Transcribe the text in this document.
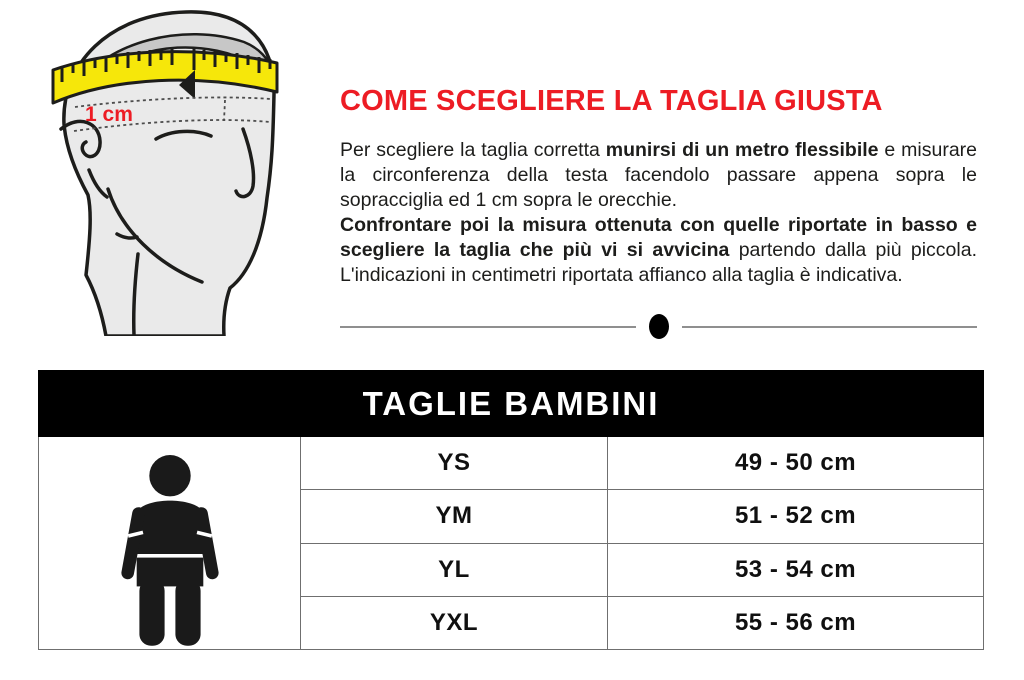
1 cm	COME SCEGLIERE LA TAGLIA GIUSTA

Per scegliere la taglia corretta munirsi di un metro flessibile e misurare la circonferenza della testa facendolo passare appena sopra le sopracciglia ed 1 cm sopra le orecchie.

Confrontare poi la misura ottenuta con quelle riportate in basso e scegliere la taglia che più vi si avvicina partendo dalla più piccola. L'indicazioni in centimetri riportata affianco alla taglia è indicativa.

TAGLIE BAMBINI
YS	49 - 50 cm
YM	51 - 52 cm
YL	53 - 54 cm
YXL	55 - 56 cm
